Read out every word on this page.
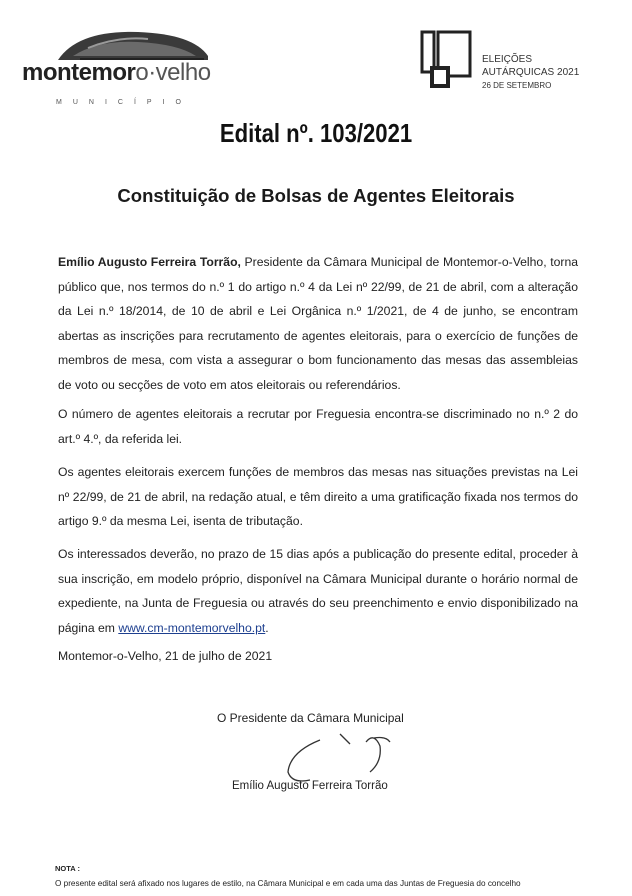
montemoro·velho
MUNICÍPIO
ELEIÇÕES
AUTÁRQUICAS 2021
26 DE SETEMBRO
Edital nº. 103/2021
Constituição de Bolsas de Agentes Eleitorais

Emílio Augusto Ferreira Torrão, Presidente da Câmara Municipal de Montemor-o-Velho, torna público que, nos termos do n.º 1 do artigo n.º 4 da Lei nº 22/99, de 21 de abril, com a alteração da Lei n.º 18/2014, de 10 de abril e Lei Orgânica n.º 1/2021, de 4 de junho, se encontram abertas as inscrições para recrutamento de agentes eleitorais, para o exercício de funções de membros de mesa, com vista a assegurar o bom funcionamento das mesas das assembleias de voto ou secções de voto em atos eleitorais ou referendários.

O número de agentes eleitorais a recrutar por Freguesia encontra-se discriminado no n.º 2 do art.º 4.º, da referida lei.

Os agentes eleitorais exercem funções de membros das mesas nas situações previstas na Lei nº 22/99, de 21 de abril, na redação atual, e têm direito a uma gratificação fixada nos termos do artigo 9.º da mesma Lei, isenta de tributação.

Os interessados deverão, no prazo de 15 dias após a publicação do presente edital, proceder à sua inscrição, em modelo próprio, disponível na Câmara Municipal durante o horário normal de expediente, na Junta de Freguesia ou através do seu preenchimento e envio disponibilizado na página em www.cm-montemorvelho.pt.

Montemor-o-Velho, 21 de julho de 2021
O Presidente da Câmara Municipal
Emílio Augusto Ferreira Torrão
NOTA :
O presente edital será afixado nos lugares de estilo, na Câmara Municipal e em cada uma das Juntas de Freguesia do concelho
